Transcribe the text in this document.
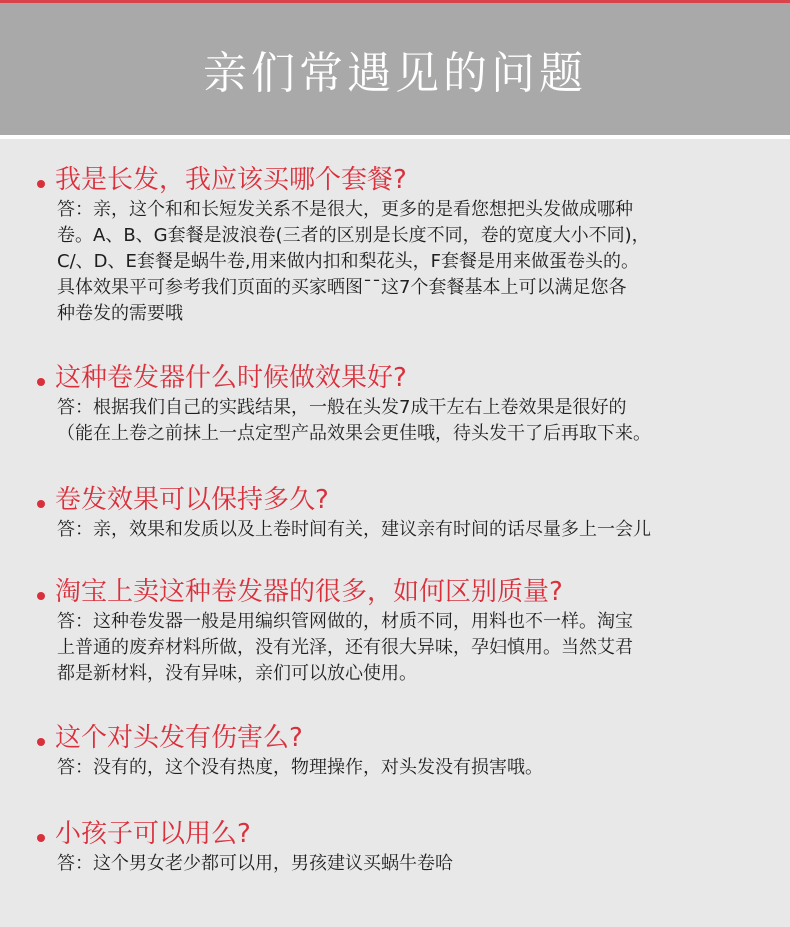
亲们常遇见的问题
我是长发，我应该买哪个套餐?
答：亲，这个和和长短发关系不是很大，更多的是看您想把头发做成哪种
卷。A、B、G套餐是波浪卷(三者的区别是长度不同，卷的宽度大小不同)，
C/、D、E套餐是蜗牛卷,用来做内扣和梨花头，F套餐是用来做蛋卷头的。
具体效果平可参考我们页面的买家晒图¯¯这7个套餐基本上可以满足您各
种卷发的需要哦
这种卷发器什么时候做效果好?
答：根据我们自己的实践结果，一般在头发7成干左右上卷效果是很好的
（能在上卷之前抹上一点定型产品效果会更佳哦，待头发干了后再取下来。
卷发效果可以保持多久?
答：亲，效果和发质以及上卷时间有关，建议亲有时间的话尽量多上一会儿
淘宝上卖这种卷发器的很多，如何区别质量?
答：这种卷发器一般是用编织管网做的，材质不同，用料也不一样。淘宝
上普通的废弃材料所做，没有光泽，还有很大异味，孕妇慎用。当然艾君
都是新材料，没有异味，亲们可以放心使用。
这个对头发有伤害么?
答：没有的，这个没有热度，物理操作，对头发没有损害哦。
小孩子可以用么?
答：这个男女老少都可以用，男孩建议买蜗牛卷哈
